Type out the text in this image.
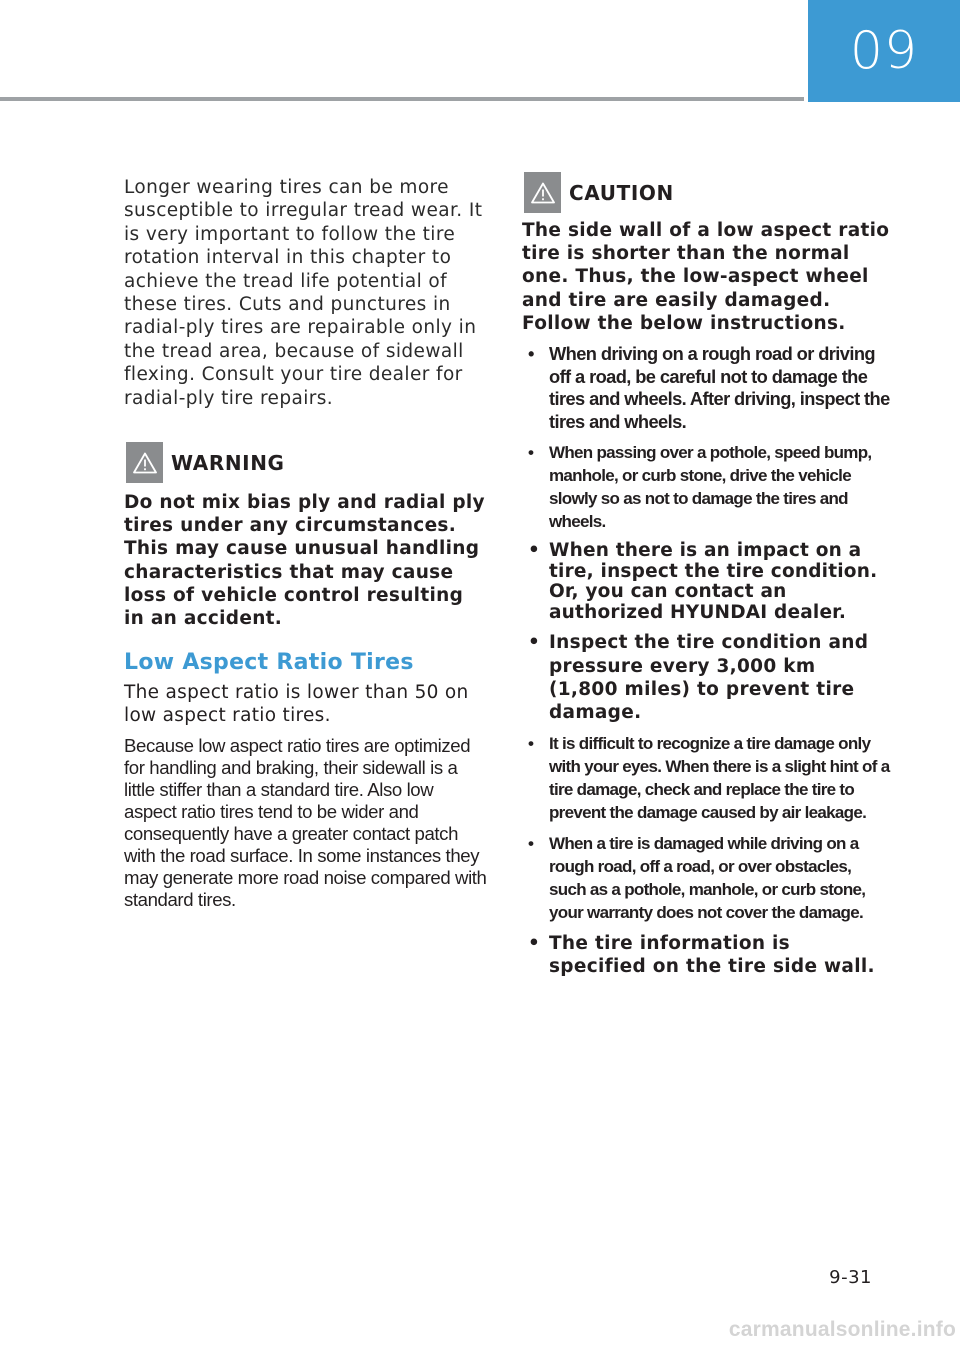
09

Longer wearing tires can be more susceptible to irregular tread wear. It is very important to follow the tire rotation interval in this chapter to achieve the tread life potential of these tires. Cuts and punctures in radial-ply tires are repairable only in the tread area, because of sidewall flexing. Consult your tire dealer for radial-ply tire repairs.

WARNING

Do not mix bias ply and radial ply tires under any circumstances. This may cause unusual handling characteristics that may cause loss of vehicle control resulting in an accident.

Low Aspect Ratio Tires

The aspect ratio is lower than 50 on low aspect ratio tires.

Because low aspect ratio tires are optimized for handling and braking, their sidewall is a little stiffer than a standard tire. Also low aspect ratio tires tend to be wider and consequently have a greater contact patch with the road surface. In some instances they may generate more road noise compared with standard tires.

CAUTION

The side wall of a low aspect ratio tire is shorter than the normal one. Thus, the low-aspect wheel and tire are easily damaged. Follow the below instructions.

• When driving on a rough road or driving off a road, be careful not to damage the tires and wheels. After driving, inspect the tires and wheels.
• When passing over a pothole, speed bump, manhole, or curb stone, drive the vehicle slowly so as not to damage the tires and wheels.
• When there is an impact on a tire, inspect the tire condition. Or, you can contact an authorized HYUNDAI dealer.
• Inspect the tire condition and pressure every 3,000 km (1,800 miles) to prevent tire damage.
• It is difficult to recognize a tire damage only with your eyes. When there is a slight hint of a tire damage, check and replace the tire to prevent the damage caused by air leakage.
• When a tire is damaged while driving on a rough road, off a road, or over obstacles, such as a pothole, manhole, or curb stone, your warranty does not cover the damage.
• The tire information is specified on the tire side wall.
9-31
carmanualsonline.info
